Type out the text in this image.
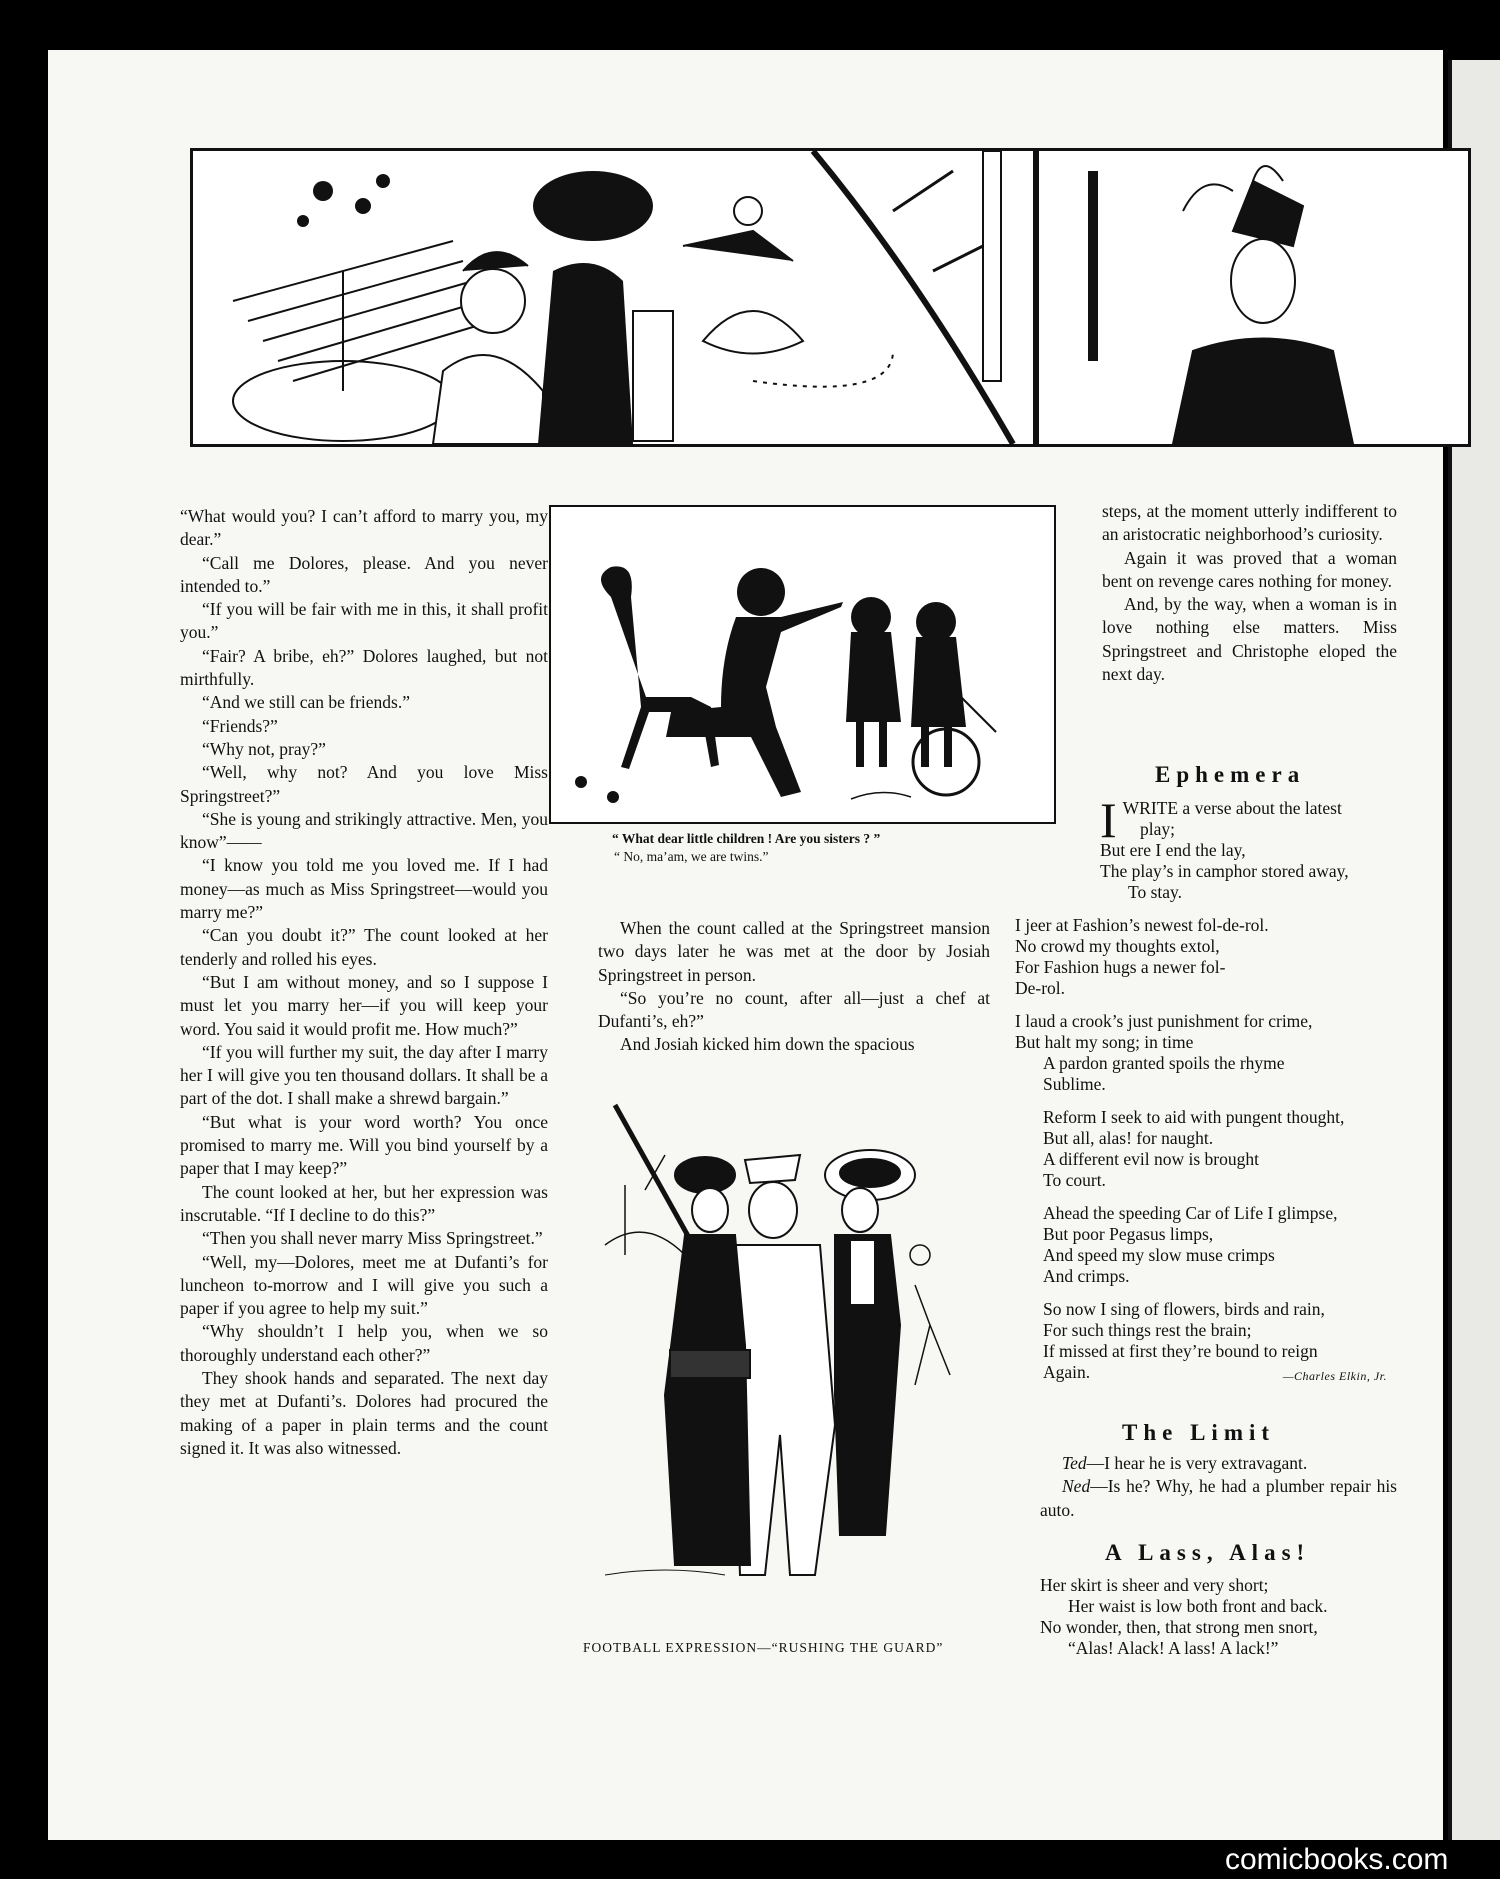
“What would you? I can’t afford to marry you, my dear.”

“Call me Dolores, please. And you never intended to.”

“If you will be fair with me in this, it shall profit you.”

“Fair? A bribe, eh?” Dolores laughed, but not mirthfully.

“And we still can be friends.”

“Friends?”

“Why not, pray?”

“Well, why not? And you love Miss Springstreet?”

“She is young and strikingly attractive. Men, you know”——

“I know you told me you loved me. If I had money—as much as Miss Springstreet—would you marry me?”

“Can you doubt it?” The count looked at her tenderly and rolled his eyes.

“But I am without money, and so I suppose I must let you marry her—if you will keep your word. You said it would profit me. How much?”

“If you will further my suit, the day after I marry her I will give you ten thousand dollars. It shall be a part of the dot. I shall make a shrewd bargain.”

“But what is your word worth? You once promised to marry me. Will you bind yourself by a paper that I may keep?”

The count looked at her, but her expression was inscrutable. “If I decline to do this?”

“Then you shall never marry Miss Springstreet.”

“Well, my—Dolores, meet me at Dufanti’s for luncheon to-morrow and I will give you such a paper if you agree to help my suit.”

“Why shouldn’t I help you, when we so thoroughly understand each other?”

They shook hands and separated. The next day they met at Dufanti’s. Dolores had procured the making of a paper in plain terms and the count signed it. It was also witnessed.

“ What dear little children ! Are you sisters ? ”
“ No, ma’am, we are twins.”

When the count called at the Springstreet mansion two days later he was met at the door by Josiah Springstreet in person.

“So you’re no count, after all—just a chef at Dufanti’s, eh?”

And Josiah kicked him down the spacious

FOOTBALL EXPRESSION—“RUSHING THE GUARD”

steps, at the moment utterly indifferent to an aristocratic neighborhood’s curiosity.

Again it was proved that a woman bent on revenge cares nothing for money.

And, by the way, when a woman is in love nothing else matters. Miss Springstreet and Christophe eloped the next day.

Ephemera
I WRITE a verse about the latest
play;
But ere I end the lay,
The play’s in camphor stored away,
To stay.
I jeer at Fashion’s newest fol-de-rol.
No crowd my thoughts extol,
For Fashion hugs a newer fol-
De-rol.
I laud a crook’s just punishment for crime,
But halt my song; in time
A pardon granted spoils the rhyme
Sublime.
Reform I seek to aid with pungent thought,
But all, alas! for naught.
A different evil now is brought
To court.
Ahead the speeding Car of Life I glimpse,
But poor Pegasus limps,
And speed my slow muse crimps
And crimps.
So now I sing of flowers, birds and rain,
For such things rest the brain;
If missed at first they’re bound to reign
Again.	—Charles Elkin, Jr.
The Limit

Ted—I hear he is very extravagant.

Ned—Is he? Why, he had a plumber repair his auto.

A Lass, Alas!
Her skirt is sheer and very short;
Her waist is low both front and back.
No wonder, then, that strong men snort,
“Alas! Alack! A lass! A lack!”
comicbooks.com
